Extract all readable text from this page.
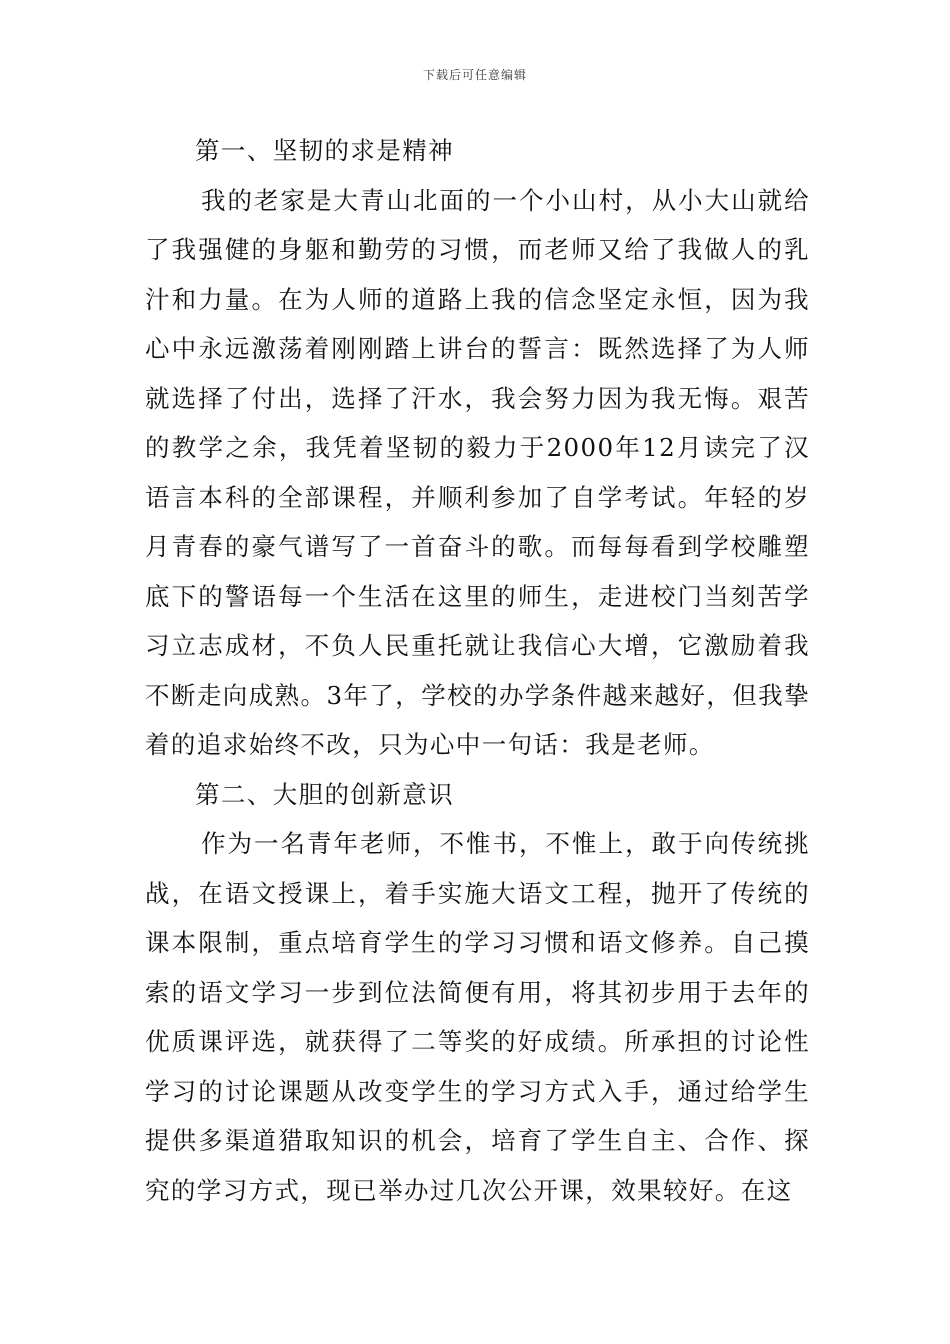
下载后可任意编辑
第一、坚韧的求是精神

我的老家是大青山北面的一个小山村，从小大山就给了我强健的身躯和勤劳的习惯，而老师又给了我做人的乳汁和力量。在为人师的道路上我的信念坚定永恒，因为我心中永远激荡着刚刚踏上讲台的誓言：既然选择了为人师就选择了付出，选择了汗水，我会努力因为我无悔。艰苦的教学之余，我凭着坚韧的毅力于2000年12月读完了汉语言本科的全部课程，并顺利参加了自学考试。年轻的岁月青春的豪气谱写了一首奋斗的歌。而每每看到学校雕塑底下的警语每一个生活在这里的师生，走进校门当刻苦学习立志成材，不负人民重托就让我信心大增，它激励着我不断走向成熟。3年了，学校的办学条件越来越好，但我挚着的追求始终不改，只为心中一句话：我是老师。

第二、大胆的创新意识

作为一名青年老师，不惟书，不惟上，敢于向传统挑战，在语文授课上，着手实施大语文工程，抛开了传统的课本限制，重点培育学生的学习习惯和语文修养。自己摸索的语文学习一步到位法简便有用，将其初步用于去年的优质课评选，就获得了二等奖的好成绩。所承担的讨论性学习的讨论课题从改变学生的学习方式入手，通过给学生提供多渠道猎取知识的机会，培育了学生自主、合作、探究的学习方式，现已举办过几次公开课，效果较好。在这
